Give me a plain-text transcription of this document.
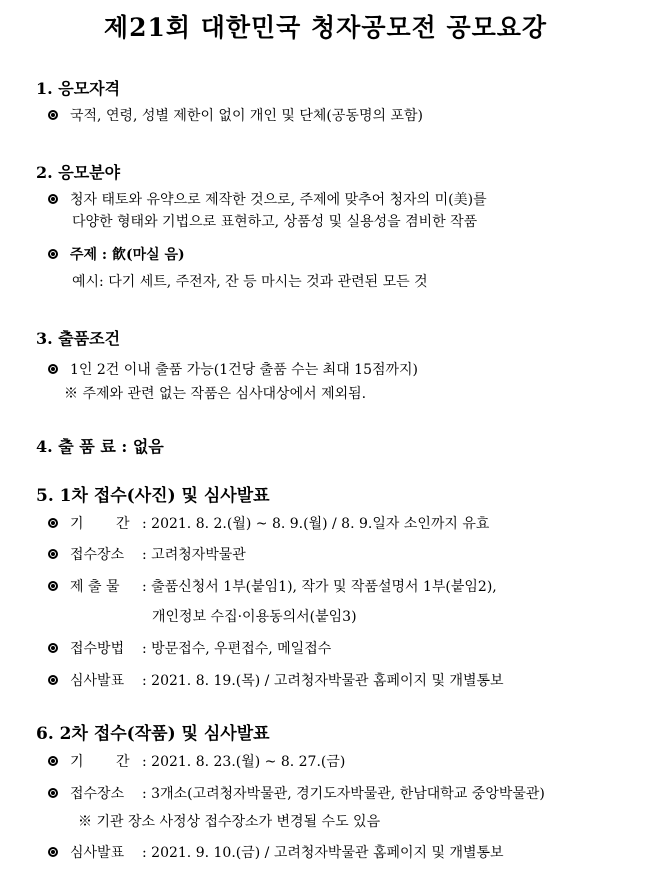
제21회 대한민국 청자공모전 공모요강
1. 응모자격
국적, 연령, 성별 제한이 없이 개인 및 단체(공동명의 포함)
2. 응모분야
청자 태토와 유약으로 제작한 것으로, 주제에 맞추어 청자의 미(美)를
다양한 형태와 기법으로 표현하고, 상품성 및 실용성을 겸비한 작품
주제 : 飮(마실 음)
예시: 다기 세트, 주전자, 잔 등 마시는 것과 관련된 모든 것
3. 출품조건
1인 2건 이내 출품 가능(1건당 출품 수는 최대 15점까지)
※ 주제와 관련 없는 작품은 심사대상에서 제외됨.
4. 출 품 료 : 없음
5. 1차 접수(사진) 및 심사발표
기 간 : 2021. 8. 2.(월) ~ 8. 9.(월) / 8. 9.일자 소인까지 유효
접수장소 : 고려청자박물관
제 출 물 : 출품신청서 1부(붙임1), 작가 및 작품설명서 1부(붙임2),
개인정보 수집·이용동의서(붙임3)
접수방법 : 방문접수, 우편접수, 메일접수
심사발표 : 2021. 8. 19.(목) / 고려청자박물관 홈페이지 및 개별통보
6. 2차 접수(작품) 및 심사발표
기 간 : 2021. 8. 23.(월) ~ 8. 27.(금)
접수장소 : 3개소(고려청자박물관, 경기도자박물관, 한남대학교 중앙박물관)
※ 기관 장소 사정상 접수장소가 변경될 수도 있음
심사발표 : 2021. 9. 10.(금) / 고려청자박물관 홈페이지 및 개별통보
